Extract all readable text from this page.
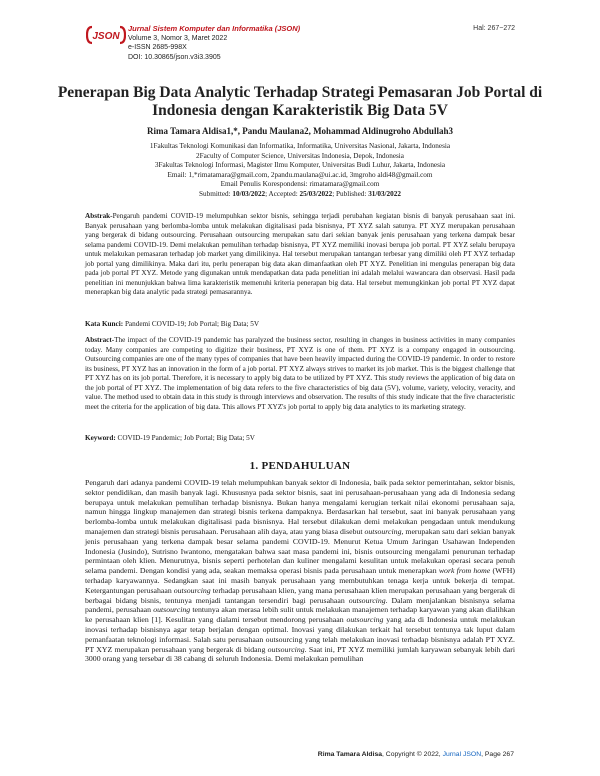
JSON
Jurnal Sistem Komputer dan Informatika (JSON)
Volume 3, Nomor 3, Maret 2022
e-ISSN 2685-998X
DOI: 10.30865/json.v3i3.3905
Hal: 267−272
Penerapan Big Data Analytic Terhadap Strategi Pemasaran Job Portal di Indonesia dengan Karakteristik Big Data 5V
Rima Tamara Aldisa1,*, Pandu Maulana2, Mohammad Aldinugroho Abdullah3
1Fakultas Teknologi Komunikasi dan Informatika, Informatika, Universitas Nasional, Jakarta, Indonesia
2Faculty of Computer Science, Universitas Indonesia, Depok, Indonesia
3Fakultas Teknologi Informasi, Magister Ilmu Komputer, Universitas Budi Luhur, Jakarta, Indonesia
Email: 1,*rimatamara@gmail.com, 2pandu.maulana@ui.ac.id, 3mgroho aldi48@gmail.com
Email Penulis Korespondensi: rimatamara@gmail.com
Submitted: 10/03/2022; Accepted: 25/03/2022; Published: 31/03/2022
Abstrak-Pengaruh pandemi COVID-19 melumpuhkan sektor bisnis, sehingga terjadi perubahan kegiatan bisnis di banyak perusahaan saat ini. Banyak perusahaan yang berlomba-lomba untuk melakukan digitalisasi pada bisnisnya, PT XYZ salah satunya. PT XYZ merupakan perusahaan yang bergerak di bidang outsourcing. Perusahaan outsourcing merupakan satu dari sekian banyak jenis perusahaan yang terkena dampak besar selama pandemi COVID-19. Demi melakukan pemulihan terhadap bisnisnya, PT XYZ memiliki inovasi berupa job portal. PT XYZ selalu berupaya untuk melakukan pemasaran terhadap job market yang dimilikinya. Hal tersebut merupakan tantangan terbesar yang dimiliki oleh PT XYZ terhadap job portal yang dimilikinya. Maka dari itu, perlu penerapan big data akan dimanfaatkan oleh PT XYZ. Penelitian ini mengulas penerapan big data pada job portal PT XYZ. Metode yang digunakan untuk mendapatkan data pada penelitian ini adalah melalui wawancara dan observasi. Hasil pada penelitian ini menunjukkan bahwa lima karakteristik memenuhi kriteria penerapan big data. Hal tersebut memungkinkan job portal PT XYZ dapat menerapkan big data analytic pada strategi pemasarannya.
Kata Kunci: Pandemi COVID-19; Job Portal; Big Data; 5V
Abstract-The impact of the COVID-19 pandemic has paralyzed the business sector, resulting in changes in business activities in many companies today. Many companies are competing to digitize their business, PT XYZ is one of them. PT XYZ is a company engaged in outsourcing. Outsourcing companies are one of the many types of companies that have been heavily impacted during the COVID-19 pandemic. In order to restore its business, PT XYZ has an innovation in the form of a job portal. PT XYZ always strives to market its job market. This is the biggest challenge that PT XYZ has on its job portal. Therefore, it is necessary to apply big data to be utilized by PT XYZ. This study reviews the application of big data on the job portal of PT XYZ. The implementation of big data refers to the five characteristics of big data (5V), volume, variety, velocity, veracity, and value. The method used to obtain data in this study is through interviews and observation. The results of this study indicate that the five characteristic meet the criteria for the application of big data. This allows PT XYZ's job portal to apply big data analytics to its marketing strategy.
Keyword: COVID-19 Pandemic; Job Portal; Big Data; 5V
1. PENDAHULUAN
Pengaruh dari adanya pandemi COVID-19 telah melumpuhkan banyak sektor di Indonesia, baik pada sektor pemerintahan, sektor bisnis, sektor pendidikan, dan masih banyak lagi. Khususnya pada sektor bisnis, saat ini perusahaan-perusahaan yang ada di Indonesia sedang berupaya untuk melakukan pemulihan terhadap bisnisnya. Bukan hanya mengalami kerugian terkait nilai ekonomi perusahaan saja, namun hingga lingkup manajemen dan strategi bisnis terkena dampaknya. Berdasarkan hal tersebut, saat ini banyak perusahaan yang berlomba-lomba untuk melakukan digitalisasi pada bisnisnya. Hal tersebut dilakukan demi melakukan pengadaan untuk mendukung manajemen dan strategi bisnis perusahaan. Perusahaan alih daya, atau yang biasa disebut outsourcing, merupakan satu dari sekian banyak jenis perusahaan yang terkena dampak besar selama pandemi COVID-19. Menurut Ketua Umum Jaringan Usahawan Independen Indonesia (Jusindo), Sutrisno Iwantono, mengatakan bahwa saat masa pandemi ini, bisnis outsourcing mengalami penurunan terhadap permintaan oleh klien. Menurutnya, bisnis seperti perhotelan dan kuliner mengalami kesulitan untuk melakukan operasi secara penuh selama pandemi. Dengan kondisi yang ada, seakan memaksa operasi bisnis pada perusahaan untuk menerapkan work from home (WFH) terhadap karyawannya. Sedangkan saat ini masih banyak perusahaan yang membutuhkan tenaga kerja untuk bekerja di tempat. Ketergantungan perusahaan outsourcing terhadap perusahaan klien, yang mana perusahaan klien merupakan perusahaan yang bergerak di berbagai bidang bisnis, tentunya menjadi tantangan tersendiri bagi perusahaan outsourcing. Dalam menjalankan bisnisnya selama pandemi, perusahaan outsourcing tentunya akan merasa lebih sulit untuk melakukan manajemen terhadap karyawan yang akan dialihkan ke perusahaan klien [1]. Kesulitan yang dialami tersebut mendorong perusahaan outsourcing yang ada di Indonesia untuk melakukan inovasi terhadap bisnisnya agar tetap berjalan dengan optimal. Inovasi yang dilakukan terkait hal tersebut tentunya tak luput dalam pemanfaatan teknologi informasi. Salah satu perusahaan outsourcing yang telah melakukan inovasi terhadap bisnisnya adalah PT XYZ. PT XYZ merupakan perusahaan yang bergerak di bidang outsourcing. Saat ini, PT XYZ memiliki jumlah karyawan sebanyak lebih dari 3000 orang yang tersebar di 38 cabang di seluruh Indonesia. Demi melakukan pemulihan
Rima Tamara Aldisa, Copyright © 2022, Jurnal JSON, Page 267
